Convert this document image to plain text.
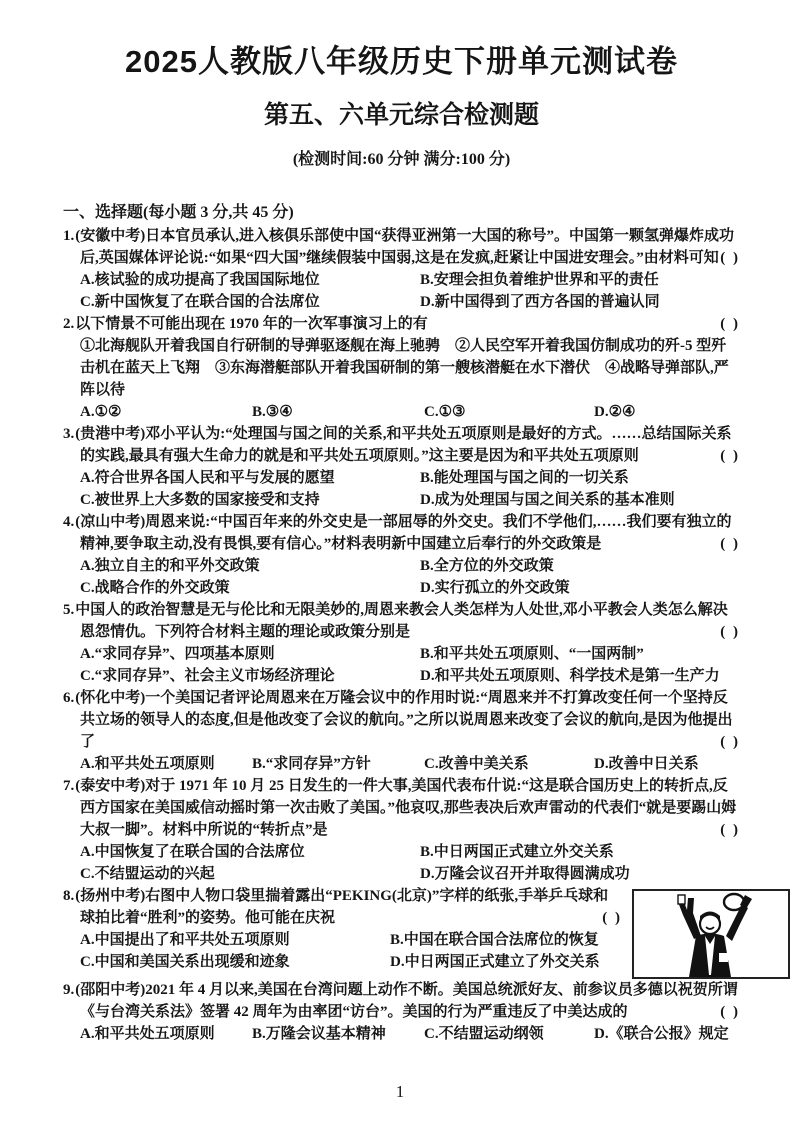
2025人教版八年级历史下册单元测试卷
第五、六单元综合检测题
(检测时间:60 分钟 满分:100 分)
一、选择题(每小题 3 分,共 45 分)
1.(安徽中考)日本官员承认,进入核俱乐部使中国“获得亚洲第一大国的称号”。中国第一颗氢弹爆炸成功后,英国媒体评论说:“如果“四大国”继续假装中国弱,这是在发疯,赶紧让中国进安理会。”由材料可知 ( )
A.核试验的成功提高了我国国际地位	B.安理会担负着维护世界和平的责任
C.新中国恢复了在联合国的合法席位	D.新中国得到了西方各国的普遍认同
2.以下情景不可能出现在 1970 年的一次军事演习上的有	( )
①北海舰队开着我国自行研制的导弹驱逐舰在海上驰骋　②人民空军开着我国仿制成功的歼-5 型歼击机在蓝天上飞翔　③东海潜艇部队开着我国研制的第一艘核潜艇在水下潜伏　④战略导弹部队,严阵以待
A.①②	B.③④	C.①③	D.②④
3.(贵港中考)邓小平认为:“处理国与国之间的关系,和平共处五项原则是最好的方式。……总结国际关系的实践,最具有强大生命力的就是和平共处五项原则。”这主要是因为和平共处五项原则	( )
A.符合世界各国人民和平与发展的愿望	B.能处理国与国之间的一切关系
C.被世界上大多数的国家接受和支持	D.成为处理国与国之间关系的基本准则
4.(凉山中考)周恩来说:“中国百年来的外交史是一部屈辱的外交史。我们不学他们,……我们要有独立的精神,要争取主动,没有畏惧,要有信心。”材料表明新中国建立后奉行的外交政策是	( )
A.独立自主的和平外交政策	B.全方位的外交政策
C.战略合作的外交政策	D.实行孤立的外交政策
5.中国人的政治智慧是无与伦比和无限美妙的,周恩来教会人类怎样为人处世,邓小平教会人类怎么解决恩怨情仇。下列符合材料主题的理论或政策分别是	( )
A.“求同存异”、四项基本原则	B.和平共处五项原则、“一国两制”
C.“求同存异”、社会主义市场经济理论	D.和平共处五项原则、科学技术是第一生产力
6.(怀化中考)一个美国记者评论周恩来在万隆会议中的作用时说:“周恩来并不打算改变任何一个坚持反共立场的领导人的态度,但是他改变了会议的航向。”之所以说周恩来改变了会议的航向,是因为他提出了	( )
A.和平共处五项原则	B.“求同存异”方针	C.改善中美关系	D.改善中日关系
7.(泰安中考)对于 1971 年 10 月 25 日发生的一件大事,美国代表布什说:“这是联合国历史上的转折点,反西方国家在美国威信动摇时第一次击败了美国。”他哀叹,那些表决后欢声雷动的代表们“就是要踢山姆大叔一脚”。材料中所说的“转折点”是	( )
A.中国恢复了在联合国的合法席位	B.中日两国正式建立外交关系
C.不结盟运动的兴起	D.万隆会议召开并取得圆满成功
8.(扬州中考)右图中人物口袋里揣着露出“PEKING(北京)”字样的纸张,手举乒乓球和球拍比着“胜利”的姿势。他可能在庆祝	( )
A.中国提出了和平共处五项原则	B.中国在联合国合法席位的恢复
C.中国和美国关系出现缓和迹象	D.中日两国正式建立了外交关系
9.(邵阳中考)2021 年 4 月以来,美国在台湾问题上动作不断。美国总统派好友、前参议员多德以祝贺所谓《与台湾关系法》签署 42 周年为由率团“访台”。美国的行为严重违反了中美达成的	( )
A.和平共处五项原则	B.万隆会议基本精神	C.不结盟运动纲领	D.《联合公报》规定
1
